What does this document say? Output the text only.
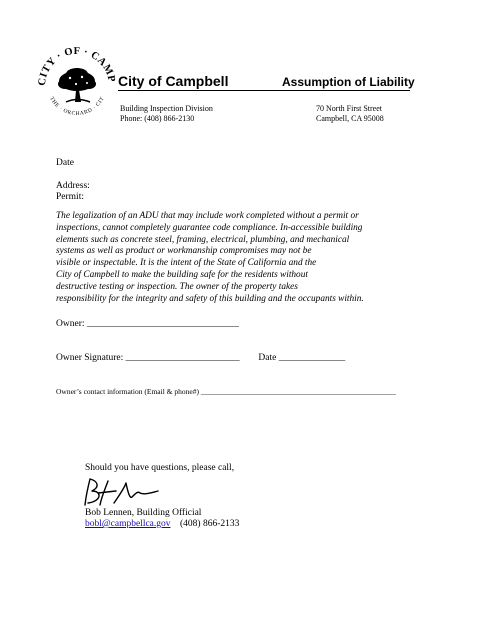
CITY · OF · CAMP
THE · ORCHARD · CIT
City of Campbell	Assumption of Liability
Building Inspection Division
Phone: (408) 866-2130
70 North First Street
Campbell, CA 95008
Date
Address:
Permit:
The legalization of an ADU that may include work completed without a permit or
inspections, cannot completely guarantee code compliance. In-accessible building
elements such as concrete steel, framing, electrical, plumbing, and mechanical
systems as well as product or workmanship compromises may not be
visible or inspectable. It is the intent of the State of California and the
City of Campbell to make the building safe for the residents without
destructive testing or inspection. The owner of the property takes
responsibility for the integrity and safety of this building and the occupants within.
Owner: ________________________________
Owner Signature: ________________________ Date ______________
Owner’s contact information (Email & phone#) ____________________________________________________
Should you have questions, please call,
Bob Lennen, Building Official
bobl@campbellca.gov (408) 866-2133
